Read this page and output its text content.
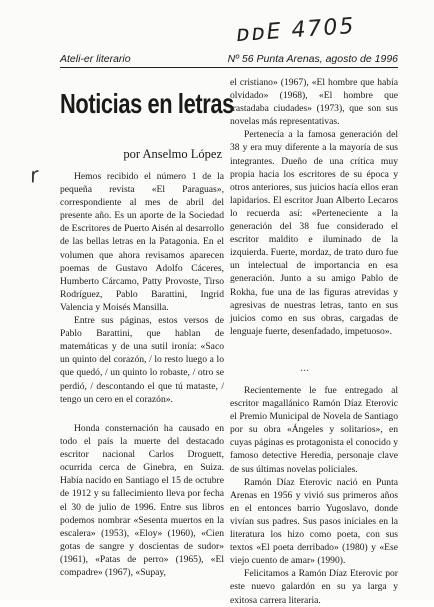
ᴅᴅE 4705
r
Ateli-er literario	Nº 56 Punta Arenas, agosto de 1996
Noticias en letras
por Anselmo López

Hemos recibido el número 1 de la pequeña revista «El Paraguas», correspondiente al mes de abril del presente año. Es un aporte de la Sociedad de Escritores de Puerto Aisén al desarrollo de las bellas letras en la Patagonia. En el volumen que ahora revisamos aparecen poemas de Gustavo Adolfo Cáceres, Humberto Cárcamo, Patty Provoste, Tirso Rodríguez, Pablo Barattini, Ingrid Valencia y Moisés Mansilla.

Entre sus páginas, estos versos de Pablo Barattini, que hablan de matemáticas y de una sutil ironía: «Saco un quinto del corazón, / lo resto luego a lo que quedó, / un quinto lo robaste, / otro se perdió, / descontando el que tú mataste, / tengo un cero en el corazón».

Honda consternación ha causado en todo el país la muerte del destacado escritor nacional Carlos Droguett, ocurrida cerca de Ginebra, en Suiza. Había nacido en Santiago el 15 de octubre de 1912 y su fallecimiento lleva por fecha el 30 de julio de 1996. Entre sus libros podemos nombrar «Sesenta muertos en la escalera» (1953), «Eloy» (1960), «Cien gotas de sangre y doscientas de sudor» (1961), «Patas de perro» (1965), «El compadre» (1967), «Supay,

el cristiano» (1967), «El hombre que había olvidado» (1968), «El hombre que trastadaba ciudades» (1973), que son sus novelas más representativas.

Pertenecía a la famosa generación del 38 y era muy diferente a la mayoría de sus integrantes. Dueño de una crítica muy propia hacia los escritores de su época y otros anteriores, sus juicios hacía ellos eran lapidarios. El escritor Juan Alberto Lecaros lo recuerda así: «Perteneciente a la generación del 38 fue considerado el escritor maldito e iluminado de la izquierda. Fuerte, mordaz, de trato duro fue un intelectual de importancia en esa generación. Junto a su amigo Pablo de Rokha, fue una de las figuras atrevidas y agresivas de nuestras letras, tanto en sus juicios como en sus obras, cargadas de lenguaje fuerte, desenfadado, impetuoso».

...

Recientemente le fue entregado al escritor magallánico Ramón Díaz Eterovic el Premio Municipal de Novela de Santiago por su obra «Ángeles y solitarios», en cuyas páginas es protagonista el conocido y famoso detective Heredia, personaje clave de sus últimas novelas policiales.

Ramón Díaz Eterovic nació en Punta Arenas en 1956 y vivió sus primeros años en el entonces barrio Yugoslavo, donde vivían sus padres. Sus pasos iniciales en la literatura los hizo como poeta, con sus textos «El poeta derribado» (1980) y «Ese viejo cuento de amar» (1990).

Felicitamos a Ramón Díaz Eterovic por este nuevo galardón en su ya larga y exitosa carrera literaria.
